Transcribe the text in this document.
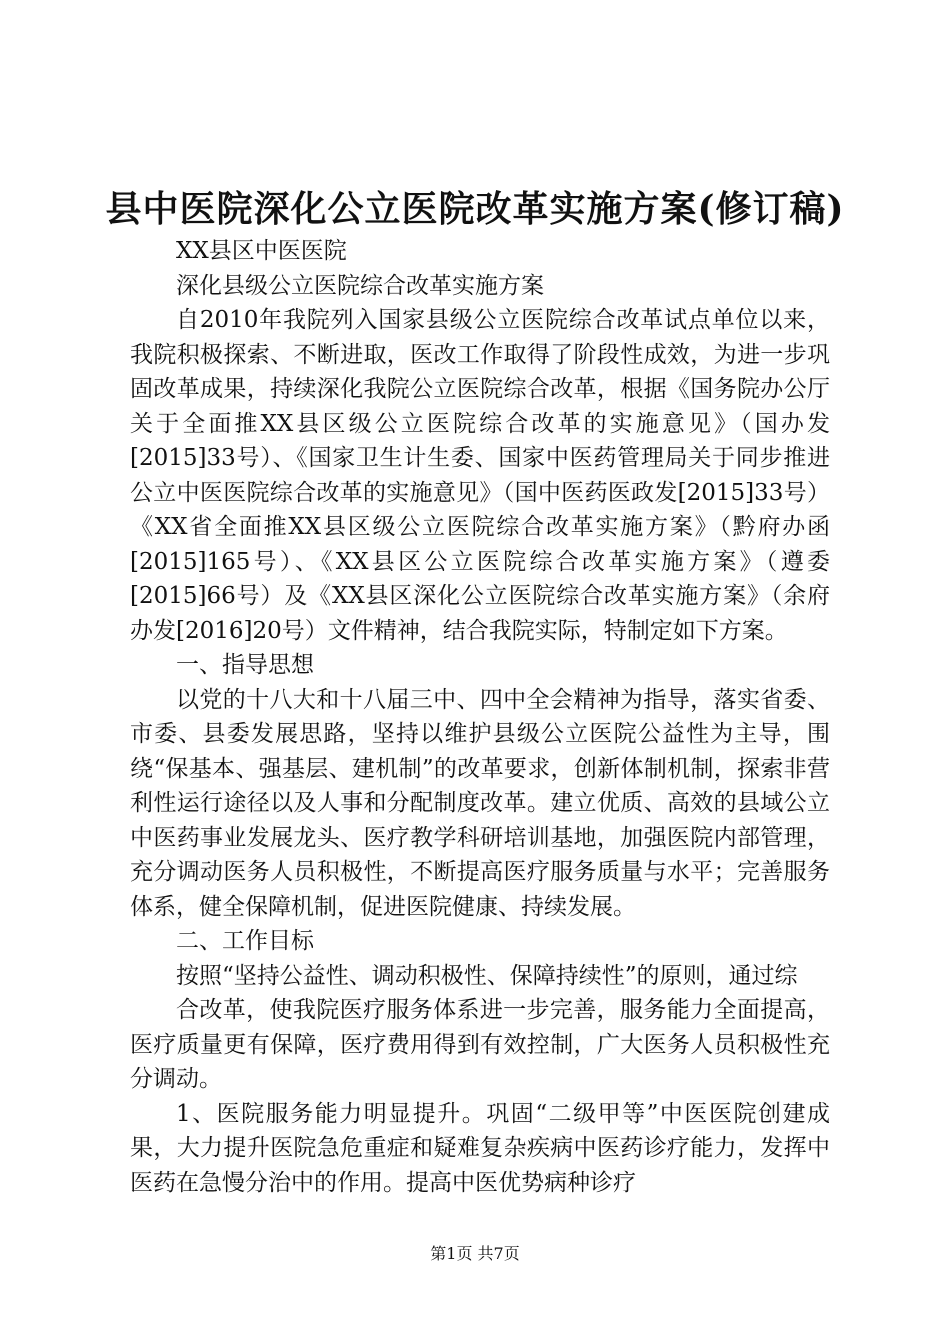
县中医院深化公立医院改革实施方案(修订稿)

XX县区中医医院

深化县级公立医院综合改革实施方案

自2010年我院列入国家县级公立医院综合改革试点单位以来，我院积极探索、不断进取，医改工作取得了阶段性成效，为进一步巩固改革成果，持续深化我院公立医院综合改革，根据《国务院办公厅关于全面推XX县区级公立医院综合改革的实施意见》（国办发[2015]33号）、《国家卫生计生委、国家中医药管理局关于同步推进公立中医医院综合改革的实施意见》（国中医药医政发[2015]33号）《XX省全面推XX县区级公立医院综合改革实施方案》（黔府办函[2015]165号）、《XX县区公立医院综合改革实施方案》（遵委[2015]66号）及《XX县区深化公立医院综合改革实施方案》（余府办发[2016]20号）文件精神，结合我院实际，特制定如下方案。

一、指导思想

以党的十八大和十八届三中、四中全会精神为指导，落实省委、市委、县委发展思路，坚持以维护县级公立医院公益性为主导，围绕“保基本、强基层、建机制”的改革要求，创新体制机制，探索非营利性运行途径以及人事和分配制度改革。建立优质、高效的县域公立中医药事业发展龙头、医疗教学科研培训基地，加强医院内部管理，充分调动医务人员积极性，不断提高医疗服务质量与水平；完善服务体系，健全保障机制，促进医院健康、持续发展。

二、工作目标

按照“坚持公益性、调动积极性、保障持续性”的原则，通过综

合改革，使我院医疗服务体系进一步完善，服务能力全面提高，医疗质量更有保障，医疗费用得到有效控制，广大医务人员积极性充分调动。

1、医院服务能力明显提升。巩固“二级甲等”中医医院创建成果，大力提升医院急危重症和疑难复杂疾病中医药诊疗能力，发挥中医药在急慢分治中的作用。提高中医优势病种诊疗

第1页 共7页
